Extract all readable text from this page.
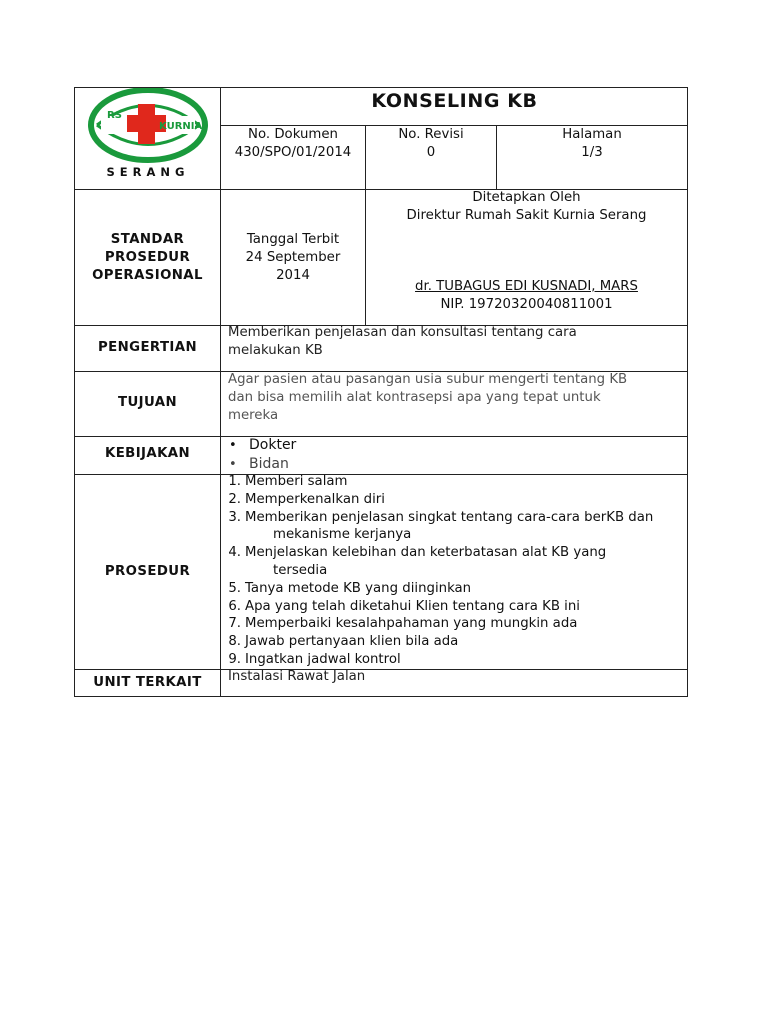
RS
KURNIA
SERANG
KONSELING KB
No. Dokumen
430/SPO/01/2014
No. Revisi
0
Halaman
1/3
STANDAR
PROSEDUR
OPERASIONAL
Tanggal Terbit
24 September
2014
Ditetapkan Oleh
Direktur Rumah Sakit Kurnia Serang
dr. TUBAGUS EDI KUSNADI, MARS
NIP. 19720320040811001
PENGERTIAN
Memberikan penjelasan dan konsultasi tentang cara
melakukan KB
TUJUAN
Agar pasien atau pasangan usia subur mengerti tentang KB
dan bisa memilih alat kontrasepsi apa yang tepat untuk
mereka
KEBIJAKAN
• Dokter
• Bidan
PROSEDUR
1. Memberi salam
2. Memperkenalkan diri
3. Memberikan penjelasan singkat tentang cara-cara berKB dan
mekanisme kerjanya
4. Menjelaskan kelebihan dan keterbatasan alat KB yang
tersedia
5. Tanya metode KB yang diinginkan
6. Apa yang telah diketahui Klien tentang cara KB ini
7. Memperbaiki kesalahpahaman yang mungkin ada
8. Jawab pertanyaan klien bila ada
9. Ingatkan jadwal kontrol
UNIT TERKAIT	Instalasi Rawat Jalan
